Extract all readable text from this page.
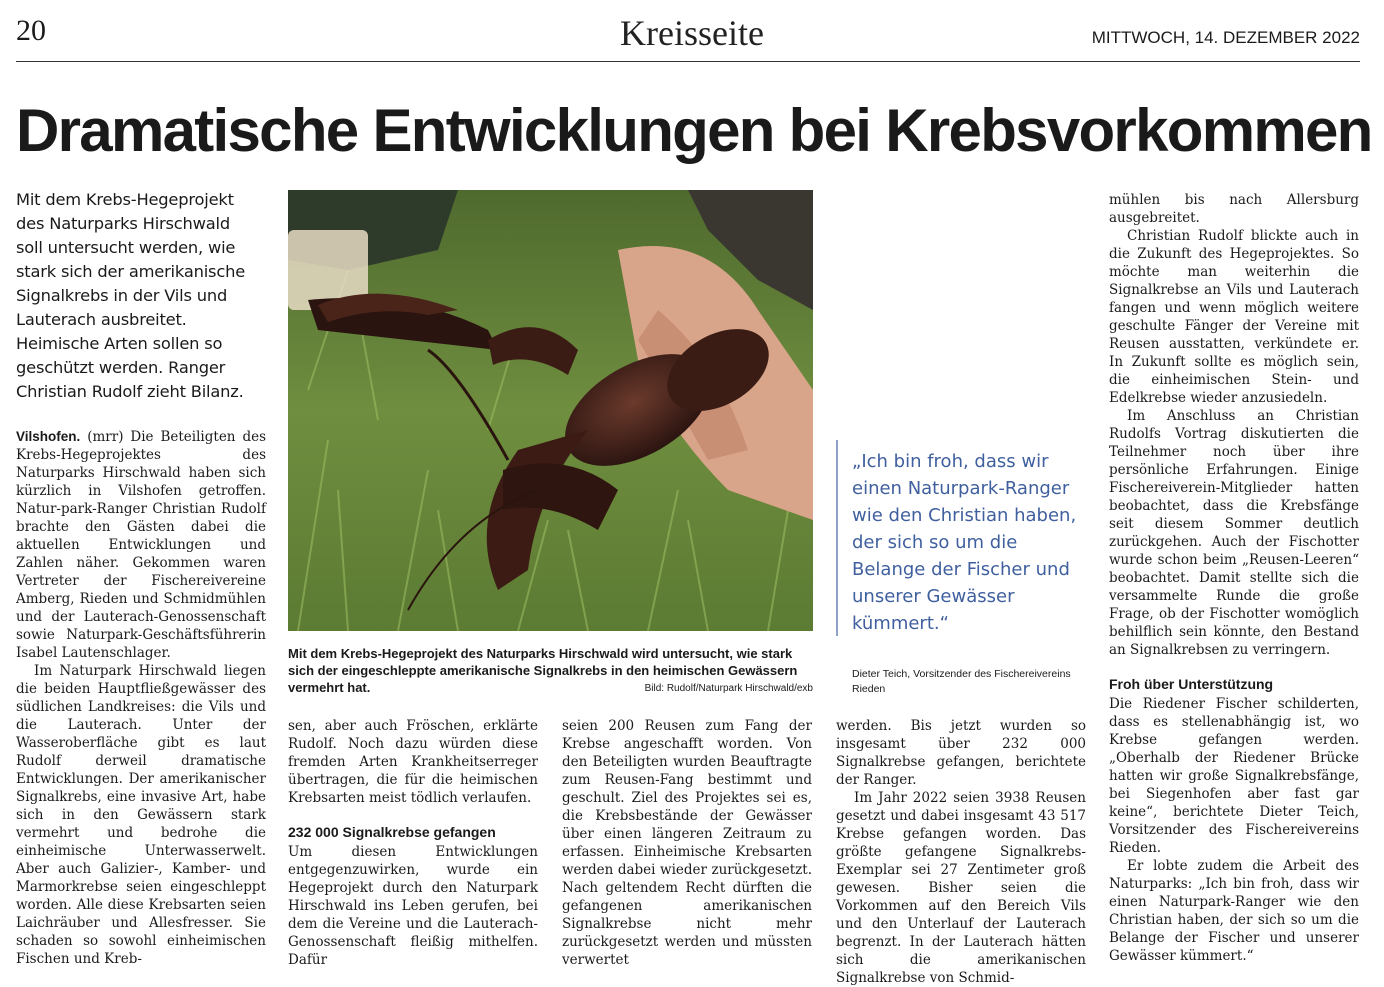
20	Kreisseite	MITTWOCH, 14. DEZEMBER 2022
Dramatische Entwicklungen bei Krebsvorkommen
Mit dem Krebs-Hegeprojekt des Naturparks Hirschwald soll untersucht werden, wie stark sich der amerikanische Signalkrebs in der Vils und Lauterach ausbreitet. Heimische Arten sollen so geschützt werden. Ranger Christian Rudolf zieht Bilanz.

Vilshofen. (mrr) Die Beteiligten des Krebs-Hegeprojektes des Naturparks Hirschwald haben sich kürzlich in Vilshofen getroffen. Natur-park-Ranger Christian Rudolf brachte den Gästen dabei die aktuellen Entwicklungen und Zahlen näher. Gekommen waren Vertreter der Fischereivereine Amberg, Rieden und Schmidmühlen und der Lauterach-Genossenschaft sowie Naturpark-Geschäftsführerin Isabel Lautenschlager.

Im Naturpark Hirschwald liegen die beiden Hauptfließgewässer des südlichen Landkreises: die Vils und die Lauterach. Unter der Wasseroberfläche gibt es laut Rudolf derweil dramatische Entwicklungen. Der amerikanischer Signalkrebs, eine invasive Art, habe sich in den Gewässern stark vermehrt und bedrohe die einheimische Unterwasserwelt. Aber auch Galizier-, Kamber- und Marmorkrebse seien eingeschleppt worden. Alle diese Krebsarten seien Laichräuber und Allesfresser. Sie schaden so sowohl einheimischen Fischen und Kreb-

Mit dem Krebs-Hegeprojekt des Naturparks Hirschwald wird untersucht, wie stark sich der eingeschleppte amerikanische Signalkrebs in den heimischen Gewässern vermehrt hat.	Bild: Rudolf/Naturpark Hirschwald/exb

sen, aber auch Fröschen, erklärte Rudolf. Noch dazu würden diese fremden Arten Krankheitserreger übertragen, die für die heimischen Krebsarten meist tödlich verlaufen.

232 000 Signalkrebse gefangen

Um diesen Entwicklungen entgegenzuwirken, wurde ein Hegeprojekt durch den Naturpark Hirschwald ins Leben gerufen, bei dem die Vereine und die Lauterach-Genossenschaft fleißig mithelfen. Dafür

seien 200 Reusen zum Fang der Krebse angeschafft worden. Von den Beteiligten wurden Beauftragte zum Reusen-Fang bestimmt und geschult. Ziel des Projektes sei es, die Krebsbestände der Gewässer über einen längeren Zeitraum zu erfassen. Einheimische Krebsarten werden dabei wieder zurückgesetzt. Nach geltendem Recht dürften die gefangenen amerikanischen Signalkrebse nicht mehr zurückgesetzt werden und müssten verwertet

werden. Bis jetzt wurden so insgesamt über 232 000 Signalkrebse gefangen, berichtete der Ranger.

Im Jahr 2022 seien 3938 Reusen gesetzt und dabei insgesamt 43 517 Krebse gefangen worden. Das größte gefangene Signalkrebs-Exemplar sei 27 Zentimeter groß gewesen. Bisher seien die Vorkommen auf den Bereich Vils und den Unterlauf der Lauterach begrenzt. In der Lauterach hätten sich die amerikanischen Signalkrebse von Schmid-

„Ich bin froh, dass wir einen Naturpark-Ranger wie den Christian haben, der sich so um die Belange der Fischer und unserer Gewässer kümmert.“
Dieter Teich, Vorsitzender des Fischereivereins Rieden

mühlen bis nach Allersburg ausgebreitet.

Christian Rudolf blickte auch in die Zukunft des Hegeprojektes. So möchte man weiterhin die Signalkrebse an Vils und Lauterach fangen und wenn möglich weitere geschulte Fänger der Vereine mit Reusen ausstatten, verkündete er. In Zukunft sollte es möglich sein, die einheimischen Stein- und Edelkrebse wieder anzusiedeln.

Im Anschluss an Christian Rudolfs Vortrag diskutierten die Teilnehmer noch über ihre persönliche Erfahrungen. Einige Fischereiverein-Mitglieder hatten beobachtet, dass die Krebsfänge seit diesem Sommer deutlich zurückgehen. Auch der Fischotter wurde schon beim „Reusen-Leeren“ beobachtet. Damit stellte sich die versammelte Runde die große Frage, ob der Fischotter womöglich behilflich sein könnte, den Bestand an Signalkrebsen zu verringern.

Froh über Unterstützung

Die Riedener Fischer schilderten, dass es stellenabhängig ist, wo Krebse gefangen werden. „Oberhalb der Riedener Brücke hatten wir große Signalkrebsfänge, bei Siegenhofen aber fast gar keine“, berichtete Dieter Teich, Vorsitzender des Fischereivereins Rieden.

Er lobte zudem die Arbeit des Naturparks: „Ich bin froh, dass wir einen Naturpark-Ranger wie den Christian haben, der sich so um die Belange der Fischer und unserer Gewässer kümmert.“
